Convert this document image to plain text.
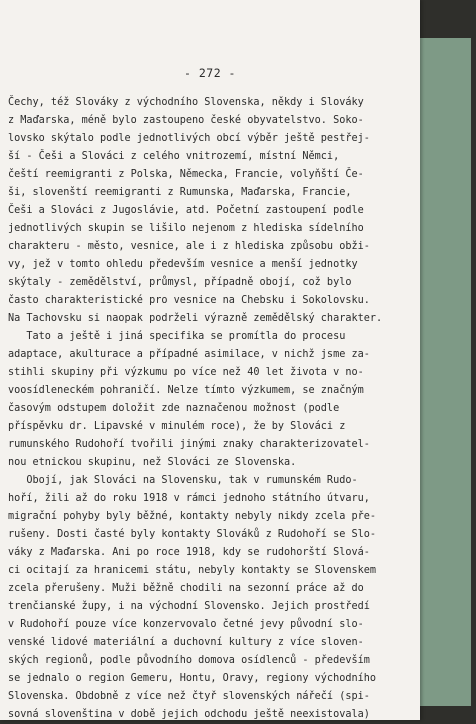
- 272 -
Čechy, též Slováky z východního Slovenska, někdy i Slováky
z Maďarska, méně bylo zastoupeno české obyvatelstvo. Soko-
lovsko skýtalo podle jednotlivých obcí výběr ještě pestřej-
ší - Češi a Slováci z celého vnitrozemí, místní Němci,
čeští reemigranti z Polska, Německa, Francie, volyňští Če-
ši, slovenští reemigranti z Rumunska, Maďarska, Francie,
Češi a Slováci z Jugoslávie, atd. Početní zastoupení podle
jednotlivých skupin se lišilo nejenom z hlediska sídelního
charakteru - město, vesnice, ale i z hlediska způsobu obži-
vy, jež v tomto ohledu především vesnice a menší jednotky
skýtaly - zemědělství, průmysl, případně obojí, což bylo
často charakteristické pro vesnice na Chebsku i Sokolovsku.
Na Tachovsku si naopak podrželi výrazně zemědělský charakter.
Tato a ještě i jiná specifika se promítla do procesu
adaptace, akulturace a případné asimilace, v nichž jsme za-
stihli skupiny při výzkumu po více než 40 let života v no-
voosídleneckém pohraničí. Nelze tímto výzkumem, se značným
časovým odstupem doložit zde naznačenou možnost (podle
příspěvku dr. Lipavské v minulém roce), že by Slováci z
rumunského Rudohoří tvořili jinými znaky charakterizovatel-
nou etnickou skupinu, než Slováci ze Slovenska.
Obojí, jak Slováci na Slovensku, tak v rumunském Rudo-
hoří, žili až do roku 1918 v rámci jednoho státního útvaru,
migrační pohyby byly běžné, kontakty nebyly nikdy zcela pře-
rušeny. Dosti časté byly kontakty Slováků z Rudohoří se Slo-
váky z Maďarska. Ani po roce 1918, kdy se rudohorští Slová-
ci ocitají za hranicemi státu, nebyly kontakty se Slovenskem
zcela přerušeny. Muži běžně chodili na sezonní práce až do
trenčianské župy, i na východní Slovensko. Jejich prostředí
v Rudohoří pouze více konzervovalo četné jevy původní slo-
venské lidové materiální a duchovní kultury z více sloven-
ských regionů, podle původního domova osídlenců - především
se jednalo o region Gemeru, Hontu, Oravy, regiony východního
Slovenska. Obdobně z více než čtyř slovenských nářečí (spi-
sovná slovenština v době jejich odchodu ještě neexistovala)
